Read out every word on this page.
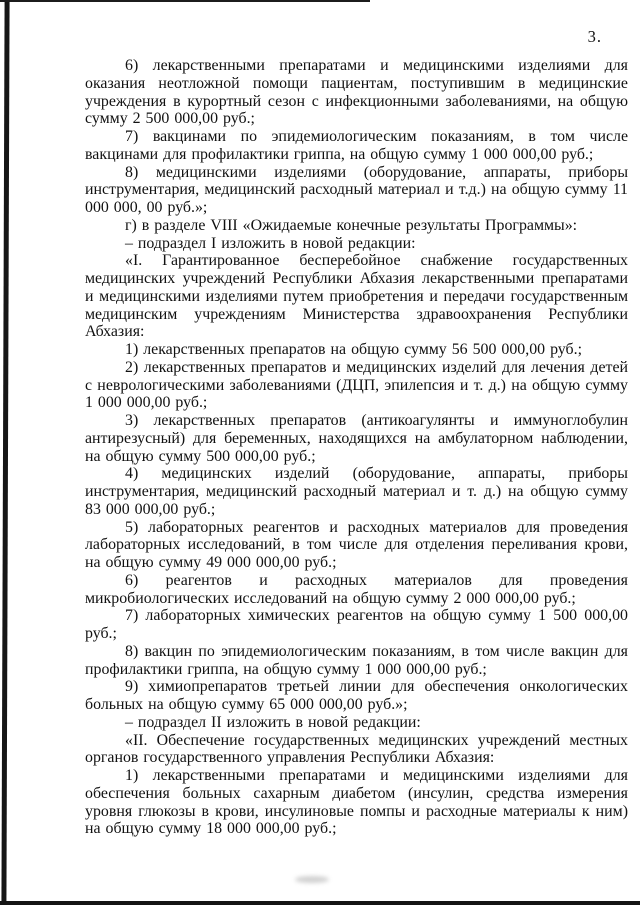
3.

6) лекарственными препаратами и медицинскими изделиями для оказания неотложной помощи пациентам, поступившим в медицинские учреждения в курортный сезон с инфекционными заболеваниями, на общую сумму 2 500 000,00 руб.;

7) вакцинами по эпидемиологическим показаниям, в том числе вакцинами для профилактики гриппа, на общую сумму 1 000 000,00 руб.;

8) медицинскими изделиями (оборудование, аппараты, приборы инструментария, медицинский расходный материал и т.д.) на общую сумму 11 000 000, 00 руб.»;

г) в разделе VIII «Ожидаемые конечные результаты Программы»:

– подраздел I изложить в новой редакции:

«I. Гарантированное бесперебойное снабжение государственных медицинских учреждений Республики Абхазия лекарственными препаратами и медицинскими изделиями путем приобретения и передачи государственным медицинским учреждениям Министерства здравоохранения Республики Абхазия:

1) лекарственных препаратов на общую сумму 56 500 000,00 руб.;

2) лекарственных препаратов и медицинских изделий для лечения детей с неврологическими заболеваниями (ДЦП, эпилепсия и т. д.) на общую сумму 1 000 000,00 руб.;

3) лекарственных препаратов (антикоагулянты и иммуноглобулин антирезусный) для беременных, находящихся на амбулаторном наблюдении, на общую сумму 500 000,00 руб.;

4) медицинских изделий (оборудование, аппараты, приборы инструментария, медицинский расходный материал и т. д.) на общую сумму 83 000 000,00 руб.;

5) лабораторных реагентов и расходных материалов для проведения лабораторных исследований, в том числе для отделения переливания крови, на общую сумму 49 000 000,00 руб.;

6) реагентов и расходных материалов для проведения микробиологических исследований на общую сумму 2 000 000,00 руб.;

7) лабораторных химических реагентов на общую сумму 1 500 000,00 руб.;

8) вакцин по эпидемиологическим показаниям, в том числе вакцин для профилактики гриппа, на общую сумму 1 000 000,00 руб.;

9) химиопрепаратов третьей линии для обеспечения онкологических больных на общую сумму 65 000 000,00 руб.»;

– подраздел II изложить в новой редакции:

«II. Обеспечение государственных медицинских учреждений местных органов государственного управления Республики Абхазия:

1) лекарственными препаратами и медицинскими изделиями для обеспечения больных сахарным диабетом (инсулин, средства измерения уровня глюкозы в крови, инсулиновые помпы и расходные материалы к ним) на общую сумму 18 000 000,00 руб.;
